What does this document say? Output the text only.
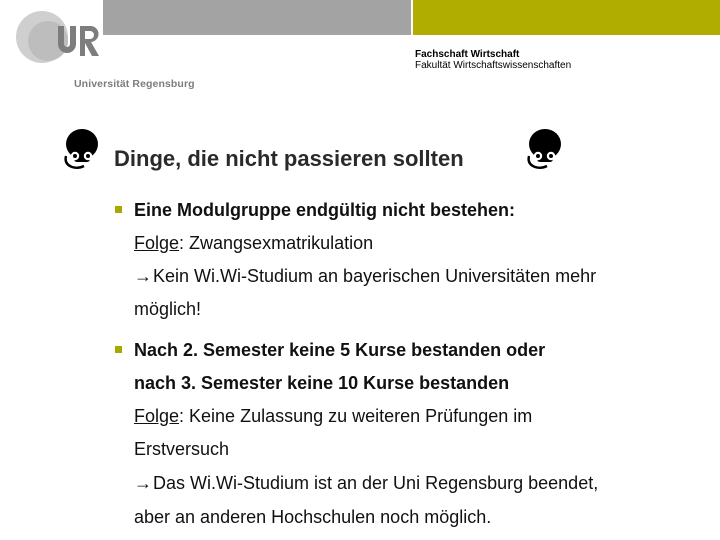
Universität Regensburg
Fachschaft Wirtschaft
Fakultät Wirtschaftswissenschaften
Dinge, die nicht passieren sollten
Eine Modulgruppe endgültig nicht bestehen:
Folge: Zwangsexmatrikulation
→Kein Wi.Wi-Studium an bayerischen Universitäten mehr
möglich!
Nach 2. Semester keine 5 Kurse bestanden oder
nach 3. Semester keine 10 Kurse bestanden
Folge: Keine Zulassung zu weiteren Prüfungen im
Erstversuch
→Das Wi.Wi-Studium ist an der Uni Regensburg beendet,
aber an anderen Hochschulen noch möglich.
